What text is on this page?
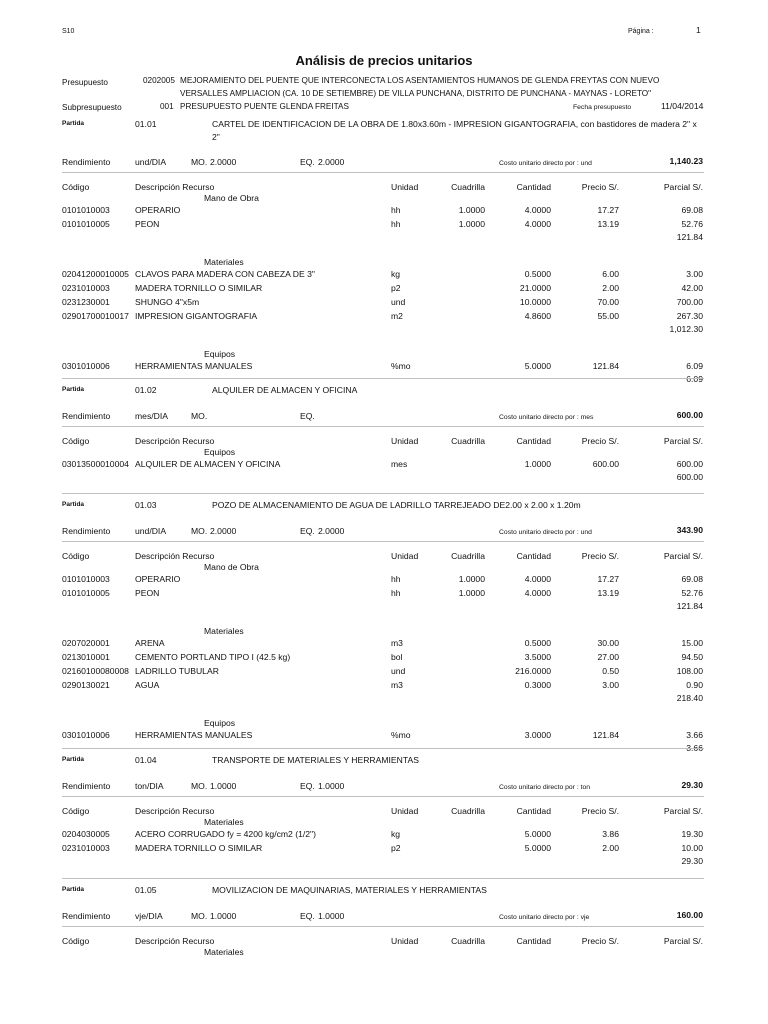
S10	Página :	1
Análisis de precios unitarios
Presupuesto	0202005 MEJORAMIENTO DEL PUENTE QUE INTERCONECTA LOS ASENTAMIENTOS HUMANOS DE GLENDA FREYTAS CON NUEVO
VERSALLES AMPLIACION (CA. 10 DE SETIEMBRE) DE VILLA PUNCHANA, DISTRITO DE PUNCHANA - MAYNAS - LORETO"
Subpresupuesto	001 PRESUPUESTO PUENTE GLENDA FREITAS	Fecha presupuesto	11/04/2014
Partida	01.01	CARTEL DE IDENTIFICACION DE LA OBRA DE 1.80x3.60m - IMPRESION GIGANTOGRAFIA, con bastidores de madera 2" x
2"
Rendimiento	und/DIA	MO. 2.0000	EQ. 2.0000	Costo unitario directo por : und	1,140.23
Código	Descripción Recurso	Unidad	Cuadrilla	Cantidad	Precio S/.	Parcial S/.
Mano de Obra
0101010003	OPERARIO	hh	1.0000	4.0000	17.27	69.08
0101010005	PEON	hh	1.0000	4.0000	13.19	52.76
121.84
Materiales
02041200010005 CLAVOS PARA MADERA CON CABEZA DE 3"	kg	0.5000	6.00	3.00
0231010003	MADERA TORNILLO O SIMILAR	p2	21.0000	2.00	42.00
0231230001	SHUNGO 4"x5m	und	10.0000	70.00	700.00
02901700010017 IMPRESION GIGANTOGRAFIA	m2	4.8600	55.00	267.30
1,012.30
Equipos
0301010006	HERRAMIENTAS MANUALES	%mo	5.0000	121.84	6.09
6.09
Partida	01.02	ALQUILER DE ALMACEN Y OFICINA
Rendimiento	mes/DIA	MO.	EQ.	Costo unitario directo por : mes	600.00
Código	Descripción Recurso	Unidad	Cuadrilla	Cantidad	Precio S/.	Parcial S/.
Equipos
03013500010004 ALQUILER DE ALMACEN Y OFICINA	mes	1.0000	600.00	600.00
600.00
Partida	01.03	POZO DE ALMACENAMIENTO DE AGUA DE LADRILLO TARREJEADO DE2.00 x 2.00 x 1.20m
Rendimiento	und/DIA	MO. 2.0000	EQ. 2.0000	Costo unitario directo por : und	343.90
Código	Descripción Recurso	Unidad	Cuadrilla	Cantidad	Precio S/.	Parcial S/.
Mano de Obra
0101010003	OPERARIO	hh	1.0000	4.0000	17.27	69.08
0101010005	PEON	hh	1.0000	4.0000	13.19	52.76
121.84
Materiales
0207020001	ARENA	m3	0.5000	30.00	15.00
0213010001	CEMENTO PORTLAND TIPO I (42.5 kg)	bol	3.5000	27.00	94.50
02160100080008 LADRILLO TUBULAR	und	216.0000	0.50	108.00
0290130021	AGUA	m3	0.3000	3.00	0.90
218.40
Equipos
0301010006	HERRAMIENTAS MANUALES	%mo	3.0000	121.84	3.66
3.66
Partida	01.04	TRANSPORTE DE MATERIALES Y HERRAMIENTAS
Rendimiento	ton/DIA	MO. 1.0000	EQ. 1.0000	Costo unitario directo por : ton	29.30
Código	Descripción Recurso	Unidad	Cuadrilla	Cantidad	Precio S/.	Parcial S/.
Materiales
0204030005	ACERO CORRUGADO fy = 4200 kg/cm2 (1/2")	kg	5.0000	3.86	19.30
0231010003	MADERA TORNILLO O SIMILAR	p2	5.0000	2.00	10.00
29.30
Partida	01.05	MOVILIZACION DE MAQUINARIAS, MATERIALES Y HERRAMIENTAS
Rendimiento	vje/DIA	MO. 1.0000	EQ. 1.0000	Costo unitario directo por : vje	160.00
Código	Descripción Recurso	Unidad	Cuadrilla	Cantidad	Precio S/.	Parcial S/.
Materiales
